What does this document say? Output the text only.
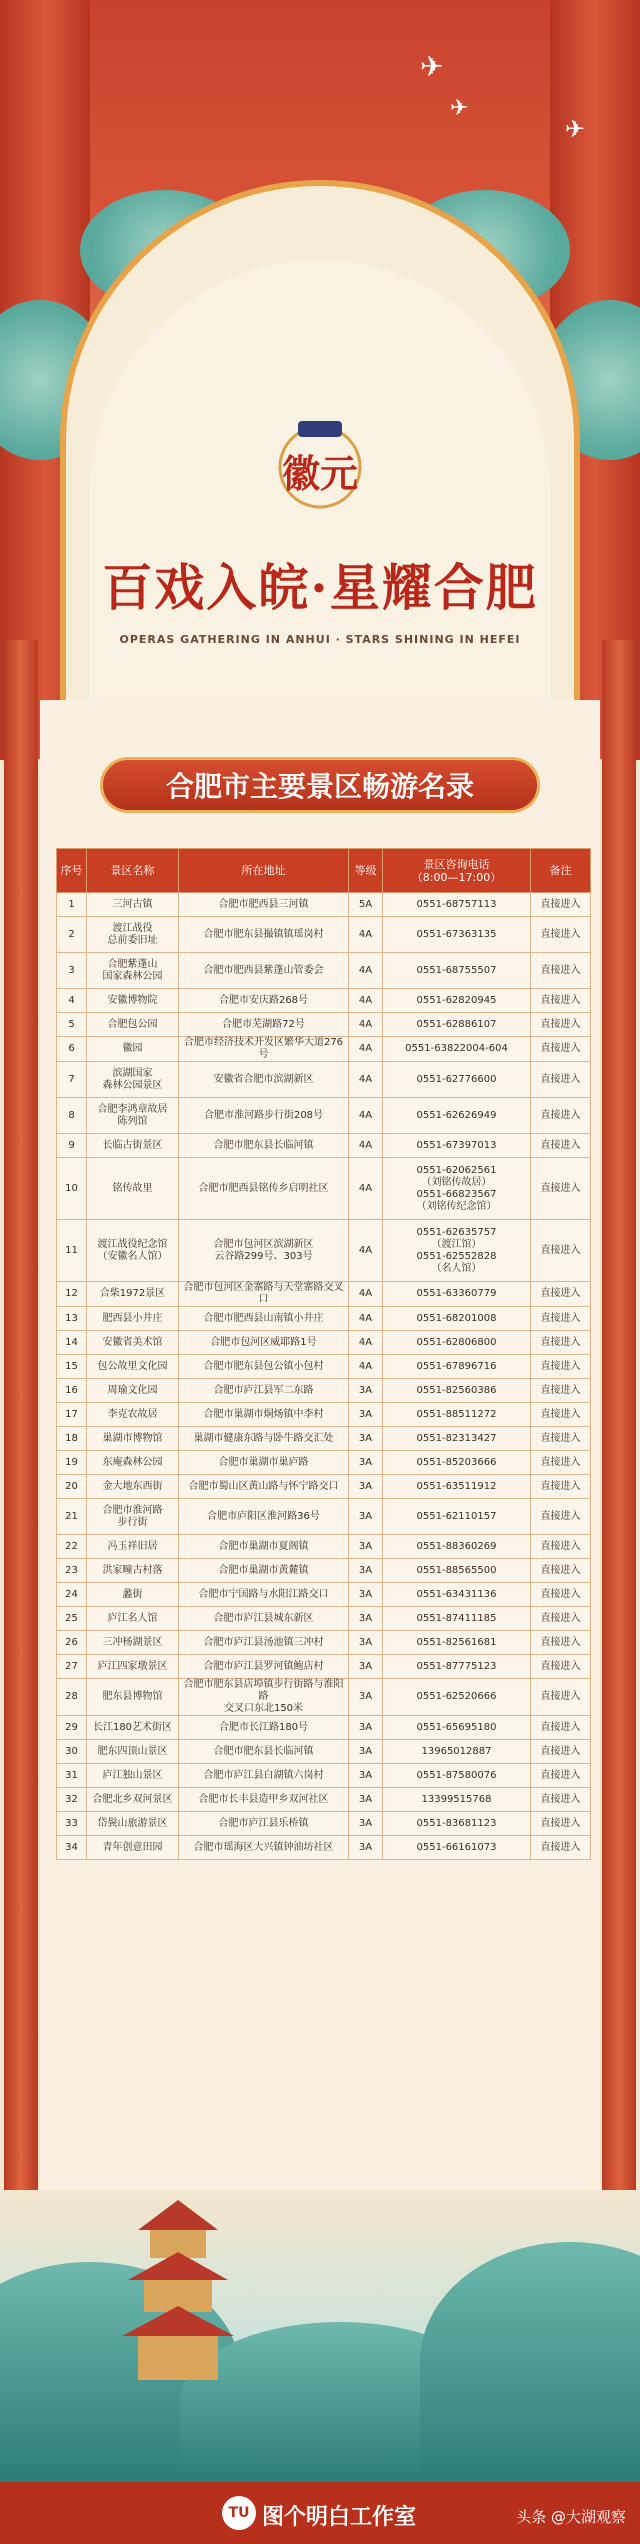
✈
✈
✈
徽元
百戏入皖·星耀合肥
OPERAS GATHERING IN ANHUI · STARS SHINING IN HEFEI
合肥市主要景区畅游名录
序号	景区名称	所在地址	等级	景区咨询电话
（8:00—17:00）	备注
1	三河古镇	合肥市肥西县三河镇	5A	0551-68757113	直接进入
2	渡江战役
总前委旧址	合肥市肥东县撮镇镇瑶岗村	4A	0551-67363135	直接进入
3	合肥紫蓬山
国家森林公园	合肥市肥西县紫蓬山管委会	4A	0551-68755507	直接进入
4	安徽博物院	合肥市安庆路268号	4A	0551-62820945	直接进入
5	合肥包公园	合肥市芜湖路72号	4A	0551-62886107	直接进入
6	徽园	合肥市经济技术开发区繁华大道276号	4A	0551-63822004-604	直接进入
7	滨湖国家
森林公园景区	安徽省合肥市滨湖新区	4A	0551-62776600	直接进入
8	合肥李鸿章故居
陈列馆	合肥市淮河路步行街208号	4A	0551-62626949	直接进入
9	长临古街景区	合肥市肥东县长临河镇	4A	0551-67397013	直接进入
10	铭传故里	合肥市肥西县铭传乡启明社区	4A	0551-62062561
（刘铭传故居）
0551-66823567
（刘铭传纪念馆）	直接进入
11	渡江战役纪念馆
（安徽名人馆）	合肥市包河区滨湖新区
云谷路299号、303号	4A	0551-62635757
（渡江馆）
0551-62552828
（名人馆）	直接进入
12	合柴1972景区	合肥市包河区金寨路与天堂寨路交叉口	4A	0551-63360779	直接进入
13	肥西县小井庄	合肥市肥西县山南镇小井庄	4A	0551-68201008	直接进入
14	安徽省美术馆	合肥市包河区威耶路1号	4A	0551-62806800	直接进入
15	包公故里文化园	合肥市肥东县包公镇小包村	4A	0551-67896716	直接进入
16	周瑜文化园	合肥市庐江县军二东路	3A	0551-82560386	直接进入
17	李克农故居	合肥市巢湖市烔炀镇中李村	3A	0551-88511272	直接进入
18	巢湖市博物馆	巢湖市健康东路与卧牛路交汇处	3A	0551-82313427	直接进入
19	东庵森林公园	合肥市巢湖市巢庐路	3A	0551-85203666	直接进入
20	金大地东西街	合肥市蜀山区黄山路与怀宁路交口	3A	0551-63511912	直接进入
21	合肥市淮河路
步行街	合肥市庐阳区淮河路36号	3A	0551-62110157	直接进入
22	冯玉祥旧居	合肥市巢湖市夏阁镇	3A	0551-88360269	直接进入
23	洪家疃古村落	合肥市巢湖市黄麓镇	3A	0551-88565500	直接进入
24	蠡街	合肥市宁国路与水阳江路交口	3A	0551-63431136	直接进入
25	庐江名人馆	合肥市庐江县城东新区	3A	0551-87411185	直接进入
26	三冲杨湖景区	合肥市庐江县汤池镇三冲村	3A	0551-82561681	直接进入
27	庐江四家墩景区	合肥市庐江县罗河镇鲍店村	3A	0551-87775123	直接进入
28	肥东县博物馆	合肥市肥东县店埠镇步行街路与淮阳路
交叉口东北150米	3A	0551-62520666	直接进入
29	长江180艺术街区	合肥市长江路180号	3A	0551-65695180	直接进入
30	肥东四顶山景区	合肥市肥东县长临河镇	3A	13965012887	直接进入
31	庐江独山景区	合肥市庐江县白湖镇六岗村	3A	0551-87580076	直接进入
32	合肥北乡双河景区	合肥市长丰县造甲乡双河社区	3A	13399515768	直接进入
33	岱鬓山旅游景区	合肥市庐江县乐桥镇	3A	0551-83681123	直接进入
34	青年创意田园	合肥市瑶海区大兴镇钟油坊社区	3A	0551-66161073	直接进入
TU 图个明白工作室	头条 @大湖观察
